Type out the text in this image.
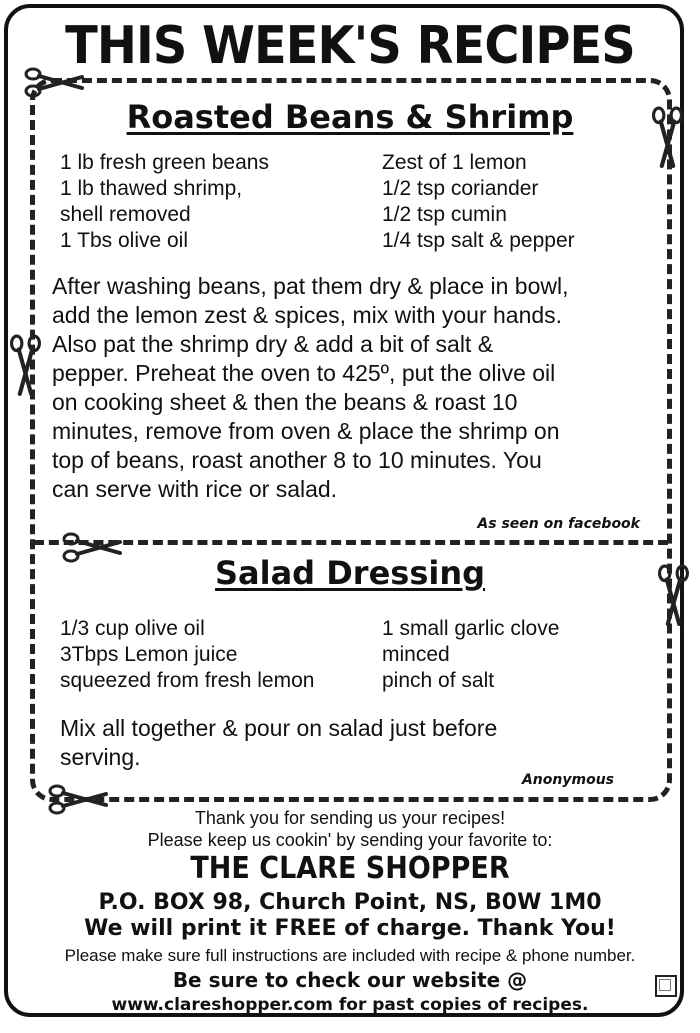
THIS WEEK'S RECIPES
Roasted Beans & Shrimp
1 lb fresh green beans
1 lb thawed shrimp,
shell removed
1 Tbs olive oil
Zest of 1 lemon
1/2 tsp coriander
1/2 tsp cumin
1/4 tsp salt & pepper
After washing beans, pat them dry & place in bowl,
add the lemon zest & spices, mix with your hands.
Also pat the shrimp dry & add a bit of salt &
pepper. Preheat the oven to 425º, put the olive oil
on cooking sheet & then the beans & roast 10
minutes, remove from oven & place the shrimp on
top of beans, roast another 8 to 10 minutes. You
can serve with rice or salad.
As seen on facebook
Salad Dressing
1/3 cup olive oil
3Tbps Lemon juice
squeezed from fresh lemon
1 small garlic clove
minced
pinch of salt
Mix all together & pour on salad just before
serving.
Anonymous
Thank you for sending us your recipes!
Please keep us cookin' by sending your favorite to:
THE CLARE SHOPPER
P.O. BOX 98, Church Point, NS, B0W 1M0
We will print it FREE of charge. Thank You!
Please make sure full instructions are included with recipe & phone number.
Be sure to check our website @
www.clareshopper.com for past copies of recipes.
